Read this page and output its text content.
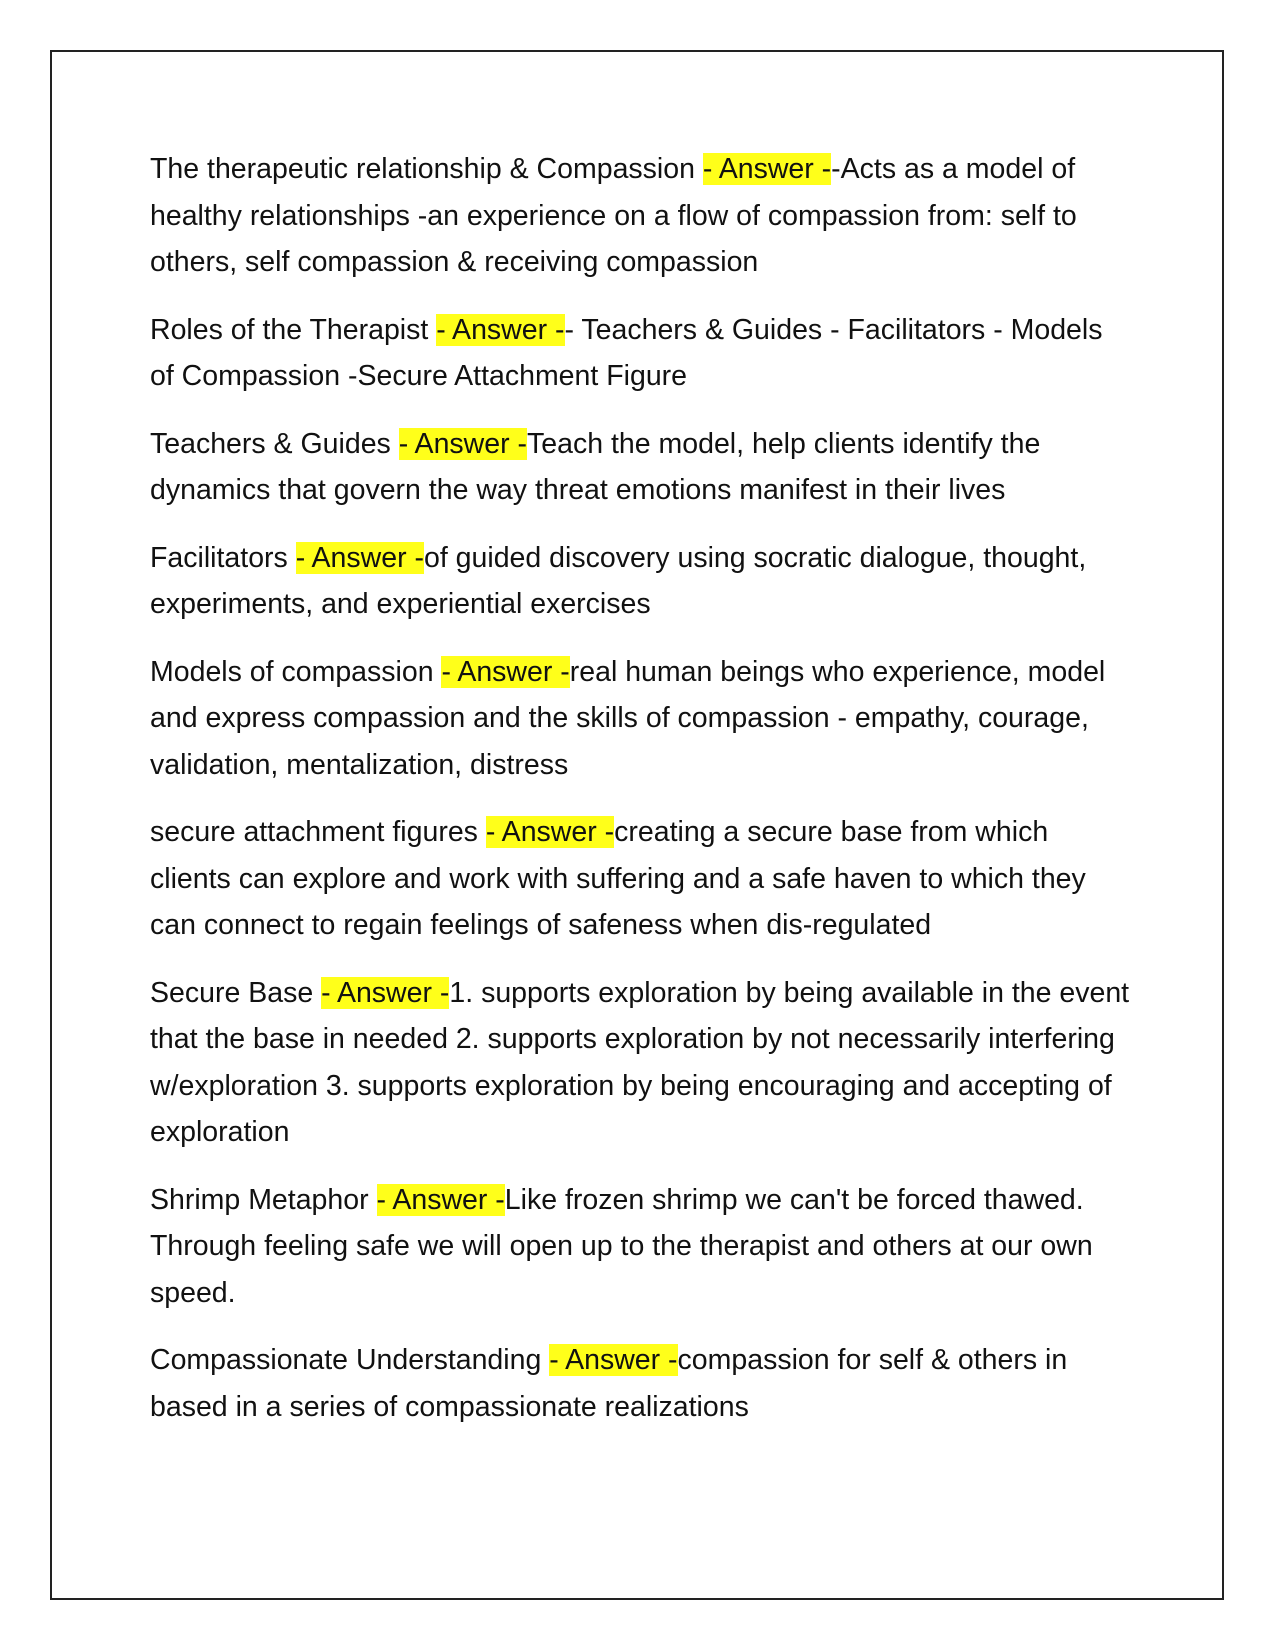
The therapeutic relationship & Compassion - Answer --Acts as a model of healthy relationships -an experience on a flow of compassion from: self to others, self compassion & receiving compassion

Roles of the Therapist - Answer -- Teachers & Guides - Facilitators - Models of Compassion -Secure Attachment Figure

Teachers & Guides - Answer -Teach the model, help clients identify the dynamics that govern the way threat emotions manifest in their lives

Facilitators - Answer -of guided discovery using socratic dialogue, thought, experiments, and experiential exercises

Models of compassion - Answer -real human beings who experience, model and express compassion and the skills of compassion - empathy, courage, validation, mentalization, distress

secure attachment figures - Answer -creating a secure base from which clients can explore and work with suffering and a safe haven to which they can connect to regain feelings of safeness when dis-regulated

Secure Base - Answer -1. supports exploration by being available in the event that the base in needed 2. supports exploration by not necessarily interfering w/exploration 3. supports exploration by being encouraging and accepting of exploration

Shrimp Metaphor - Answer -Like frozen shrimp we can't be forced thawed. Through feeling safe we will open up to the therapist and others at our own speed.

Compassionate Understanding - Answer -compassion for self & others in based in a series of compassionate realizations
